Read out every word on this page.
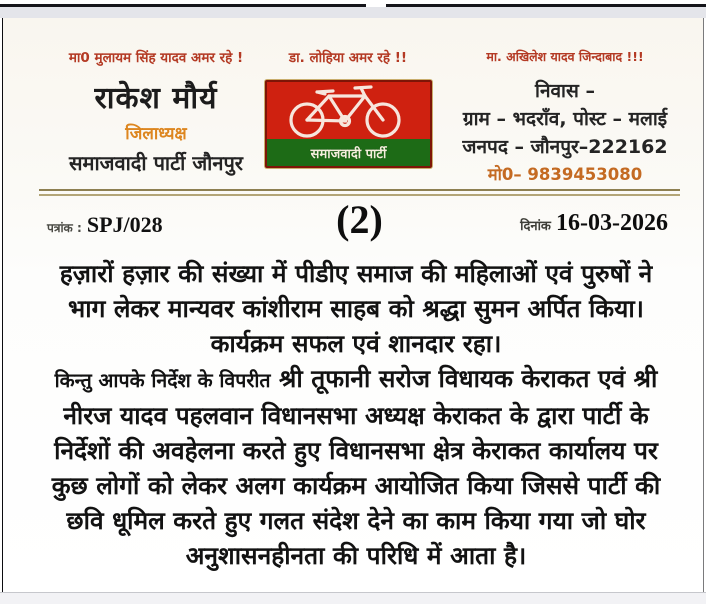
मा0 मुलायम सिंह यादव अमर रहे !
राकेश मौर्य
जिलाध्यक्ष
समाजवादी पार्टी जौनपुर
डा. लोहिया अमर रहे !!
समाजवादी पार्टी
मा. अखिलेश यादव जिन्दाबाद !!!
निवास –
ग्राम – भदराँव, पोस्ट – मलाई
जनपद – जौनपुर–222162
मो0– 9839453080
पत्रांक : SPJ/028	(2)	दिनांक 16-03-2026
हज़ारों हज़ार की संख्या में पीडीए समाज की महिलाओं एवं पुरुषों ने
भाग लेकर मान्यवर कांशीराम साहब को श्रद्धा सुमन अर्पित किया।
कार्यक्रम सफल एवं शानदार रहा।
किन्तु आपके निर्देश के विपरीत श्री तूफानी सरोज विधायक केराकत एवं श्री
नीरज यादव पहलवान विधानसभा अध्यक्ष केराकत के द्वारा पार्टी के
निर्देशों की अवहेलना करते हुए विधानसभा क्षेत्र केराकत कार्यालय पर
कुछ लोगों को लेकर अलग कार्यक्रम आयोजित किया जिससे पार्टी की
छवि धूमिल करते हुए गलत संदेश देने का काम किया गया जो घोर
अनुशासनहीनता की परिधि में आता है।
